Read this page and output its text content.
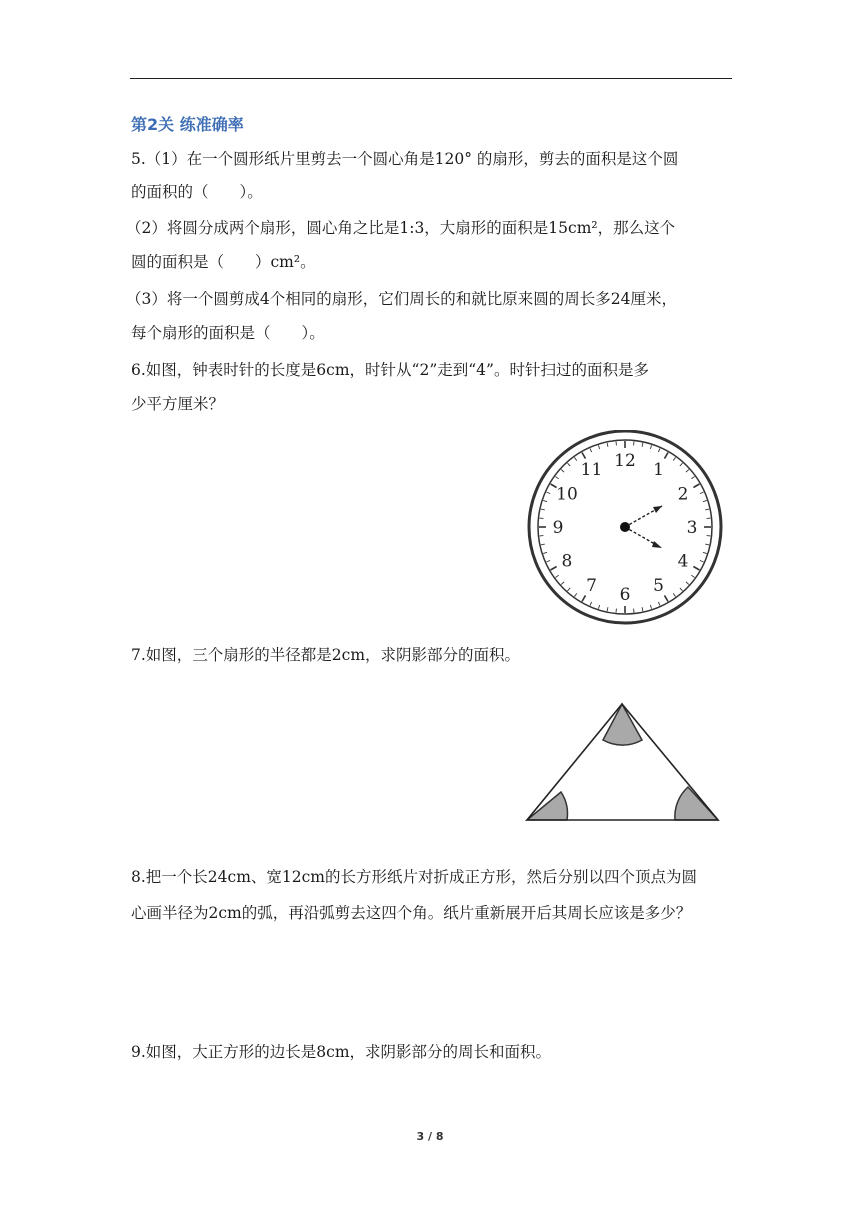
第2关 练准确率
5.（1）在一个圆形纸片里剪去一个圆心角是120° 的扇形，剪去的面积是这个圆
的面积的（　　）。
（2）将圆分成两个扇形，圆心角之比是1:3，大扇形的面积是15cm²，那么这个
圆的面积是（　　）cm²。
（3）将一个圆剪成4个相同的扇形，它们周长的和就比原来圆的周长多24厘米，
每个扇形的面积是（　　）。
6.如图，钟表时针的长度是6cm，时针从“2”走到“4”。时针扫过的面积是多
少平方厘米？
12 1
2
3
4
5
6
7
8
9
10
11
7.如图，三个扇形的半径都是2cm，求阴影部分的面积。
8.把一个长24cm、宽12cm的长方形纸片对折成正方形，然后分别以四个顶点为圆
心画半径为2cm的弧，再沿弧剪去这四个角。纸片重新展开后其周长应该是多少？
9.如图，大正方形的边长是8cm，求阴影部分的周长和面积。
3 / 8
